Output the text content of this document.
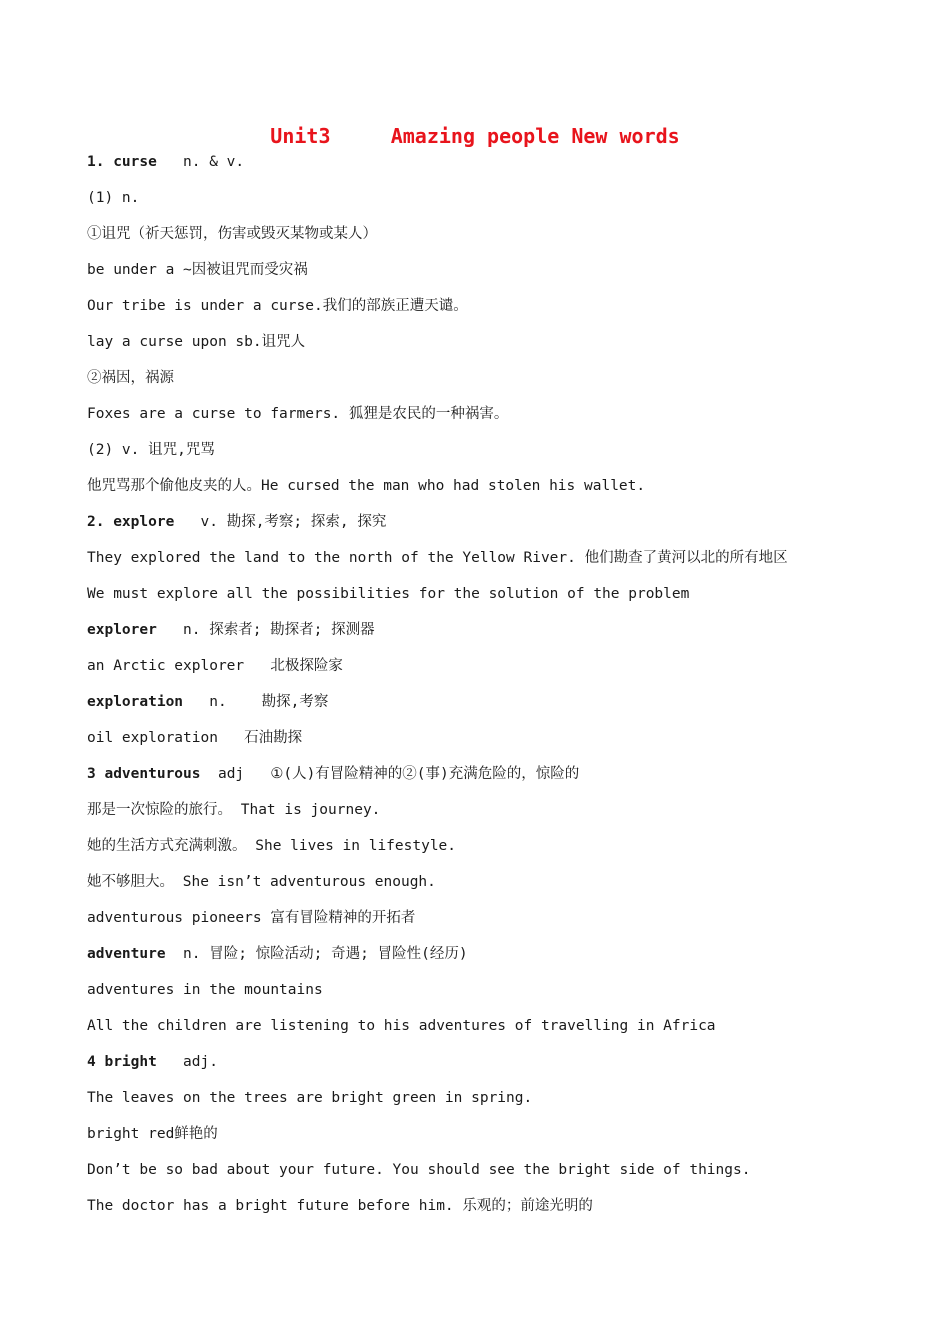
Unit3     Amazing people New words
1. curse   n. & v.
(1) n.
①诅咒（祈天惩罚，伤害或毁灭某物或某人）
be under a ~因被诅咒而受灾祸
Our tribe is under a curse.我们的部族正遭天谴。
lay a curse upon sb.诅咒人
②祸因，祸源
Foxes are a curse to farmers. 狐狸是农民的一种祸害。
(2) v. 诅咒,咒骂
他咒骂那个偷他皮夹的人。He cursed the man who had stolen his wallet.
2. explore   v. 勘探,考察; 探索, 探究
They explored the land to the north of the Yellow River. 他们勘查了黄河以北的所有地区
We must explore all the possibilities for the solution of the problem
explorer   n. 探索者; 勘探者; 探测器
an Arctic explorer   北极探险家
exploration   n.    勘探,考察
oil exploration   石油勘探
3 adventurous  adj   ①(人)有冒险精神的②(事)充满危险的，惊险的
那是一次惊险的旅行。 That is journey.
她的生活方式充满刺激。 She lives in lifestyle.
她不够胆大。 She isn’t adventurous enough.
adventurous pioneers 富有冒险精神的开拓者
adventure  n. 冒险; 惊险活动; 奇遇; 冒险性(经历)
adventures in the mountains
All the children are listening to his adventures of travelling in Africa
4 bright   adj.
The leaves on the trees are bright green in spring.
bright red鲜艳的
Don’t be so bad about your future. You should see the bright side of things.
The doctor has a bright future before him. 乐观的；前途光明的
